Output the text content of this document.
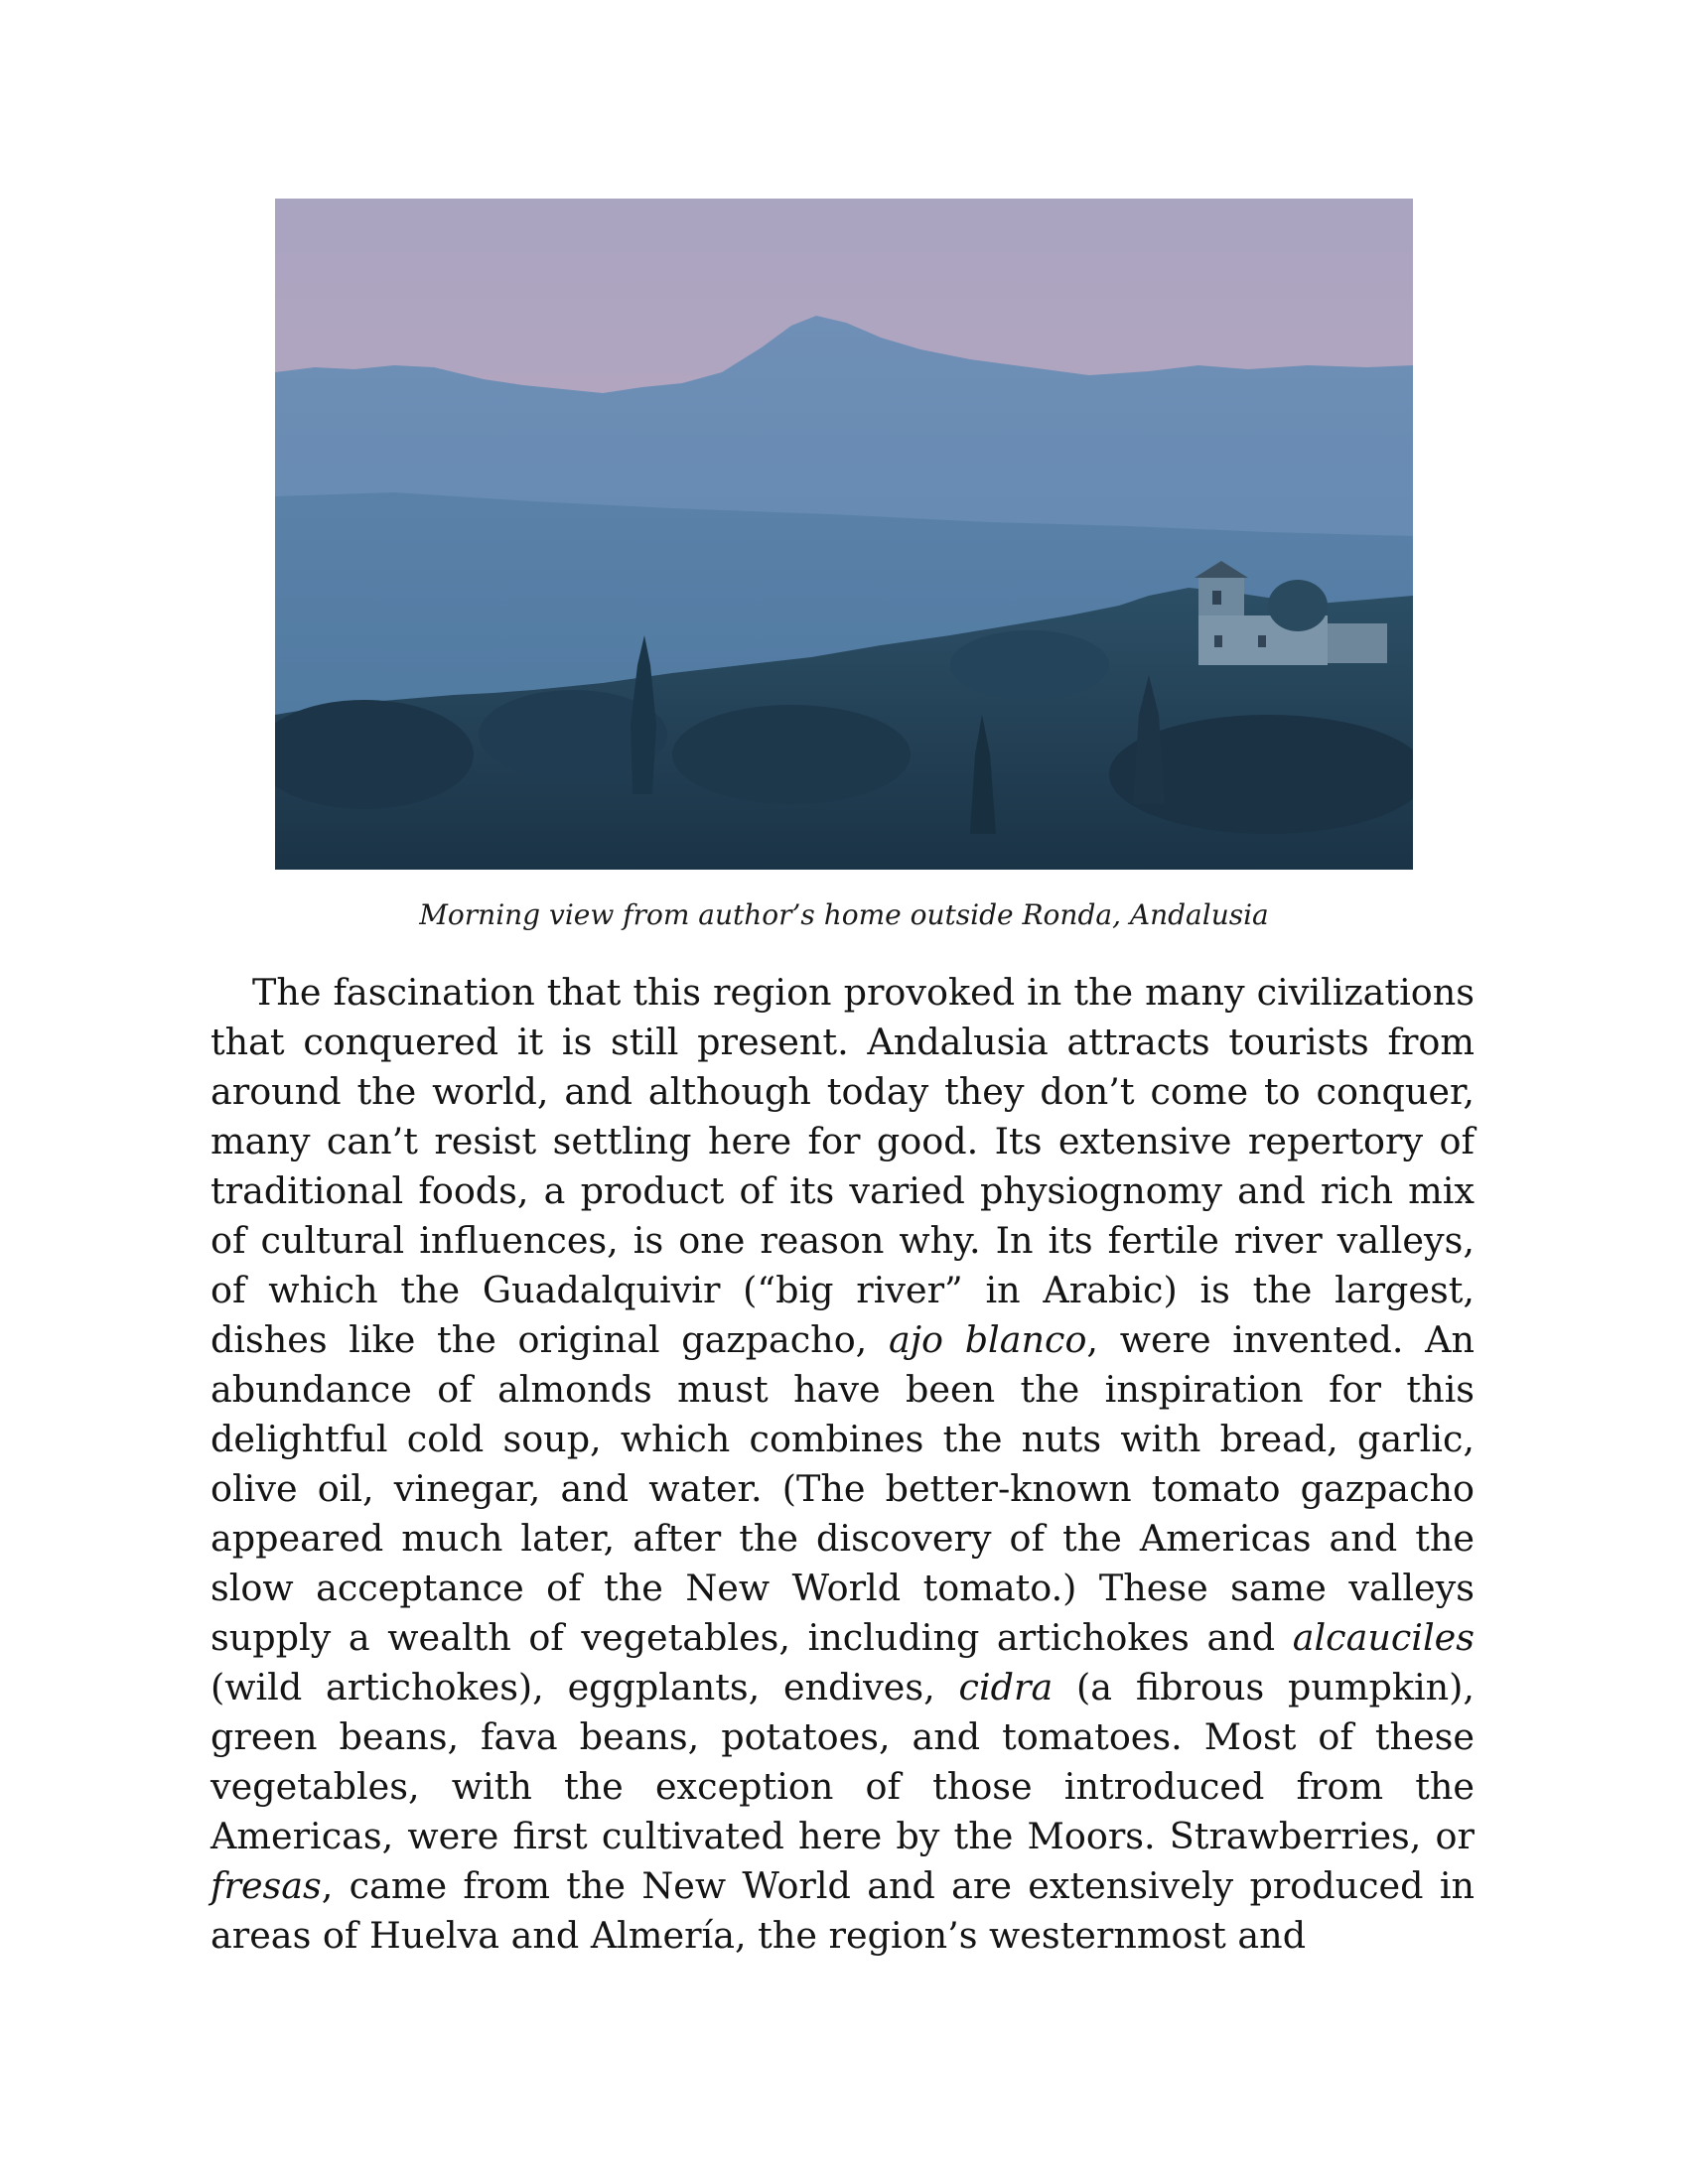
Morning view from author’s home outside Ronda, Andalusia

The fascination that this region provoked in the many civilizations that conquered it is still present. Andalusia attracts tourists from around the world, and although today they don’t come to conquer, many can’t resist settling here for good. Its extensive repertory of traditional foods, a product of its varied physiognomy and rich mix of cultural influences, is one reason why. In its fertile river valleys, of which the Guadalquivir (“big river” in Arabic) is the largest, dishes like the original gazpacho, ajo blanco, were invented. An abundance of almonds must have been the inspiration for this delightful cold soup, which combines the nuts with bread, garlic, olive oil, vinegar, and water. (The better-known tomato gazpacho appeared much later, after the discovery of the Americas and the slow acceptance of the New World tomato.) These same valleys supply a wealth of vegetables, including artichokes and alcauciles (wild artichokes), eggplants, endives, cidra (a fibrous pumpkin), green beans, fava beans, potatoes, and tomatoes. Most of these vegetables, with the exception of those introduced from the Americas, were first cultivated here by the Moors. Strawberries, or fresas, came from the New World and are extensively produced in areas of Huelva and Almería, the region’s westernmost and
